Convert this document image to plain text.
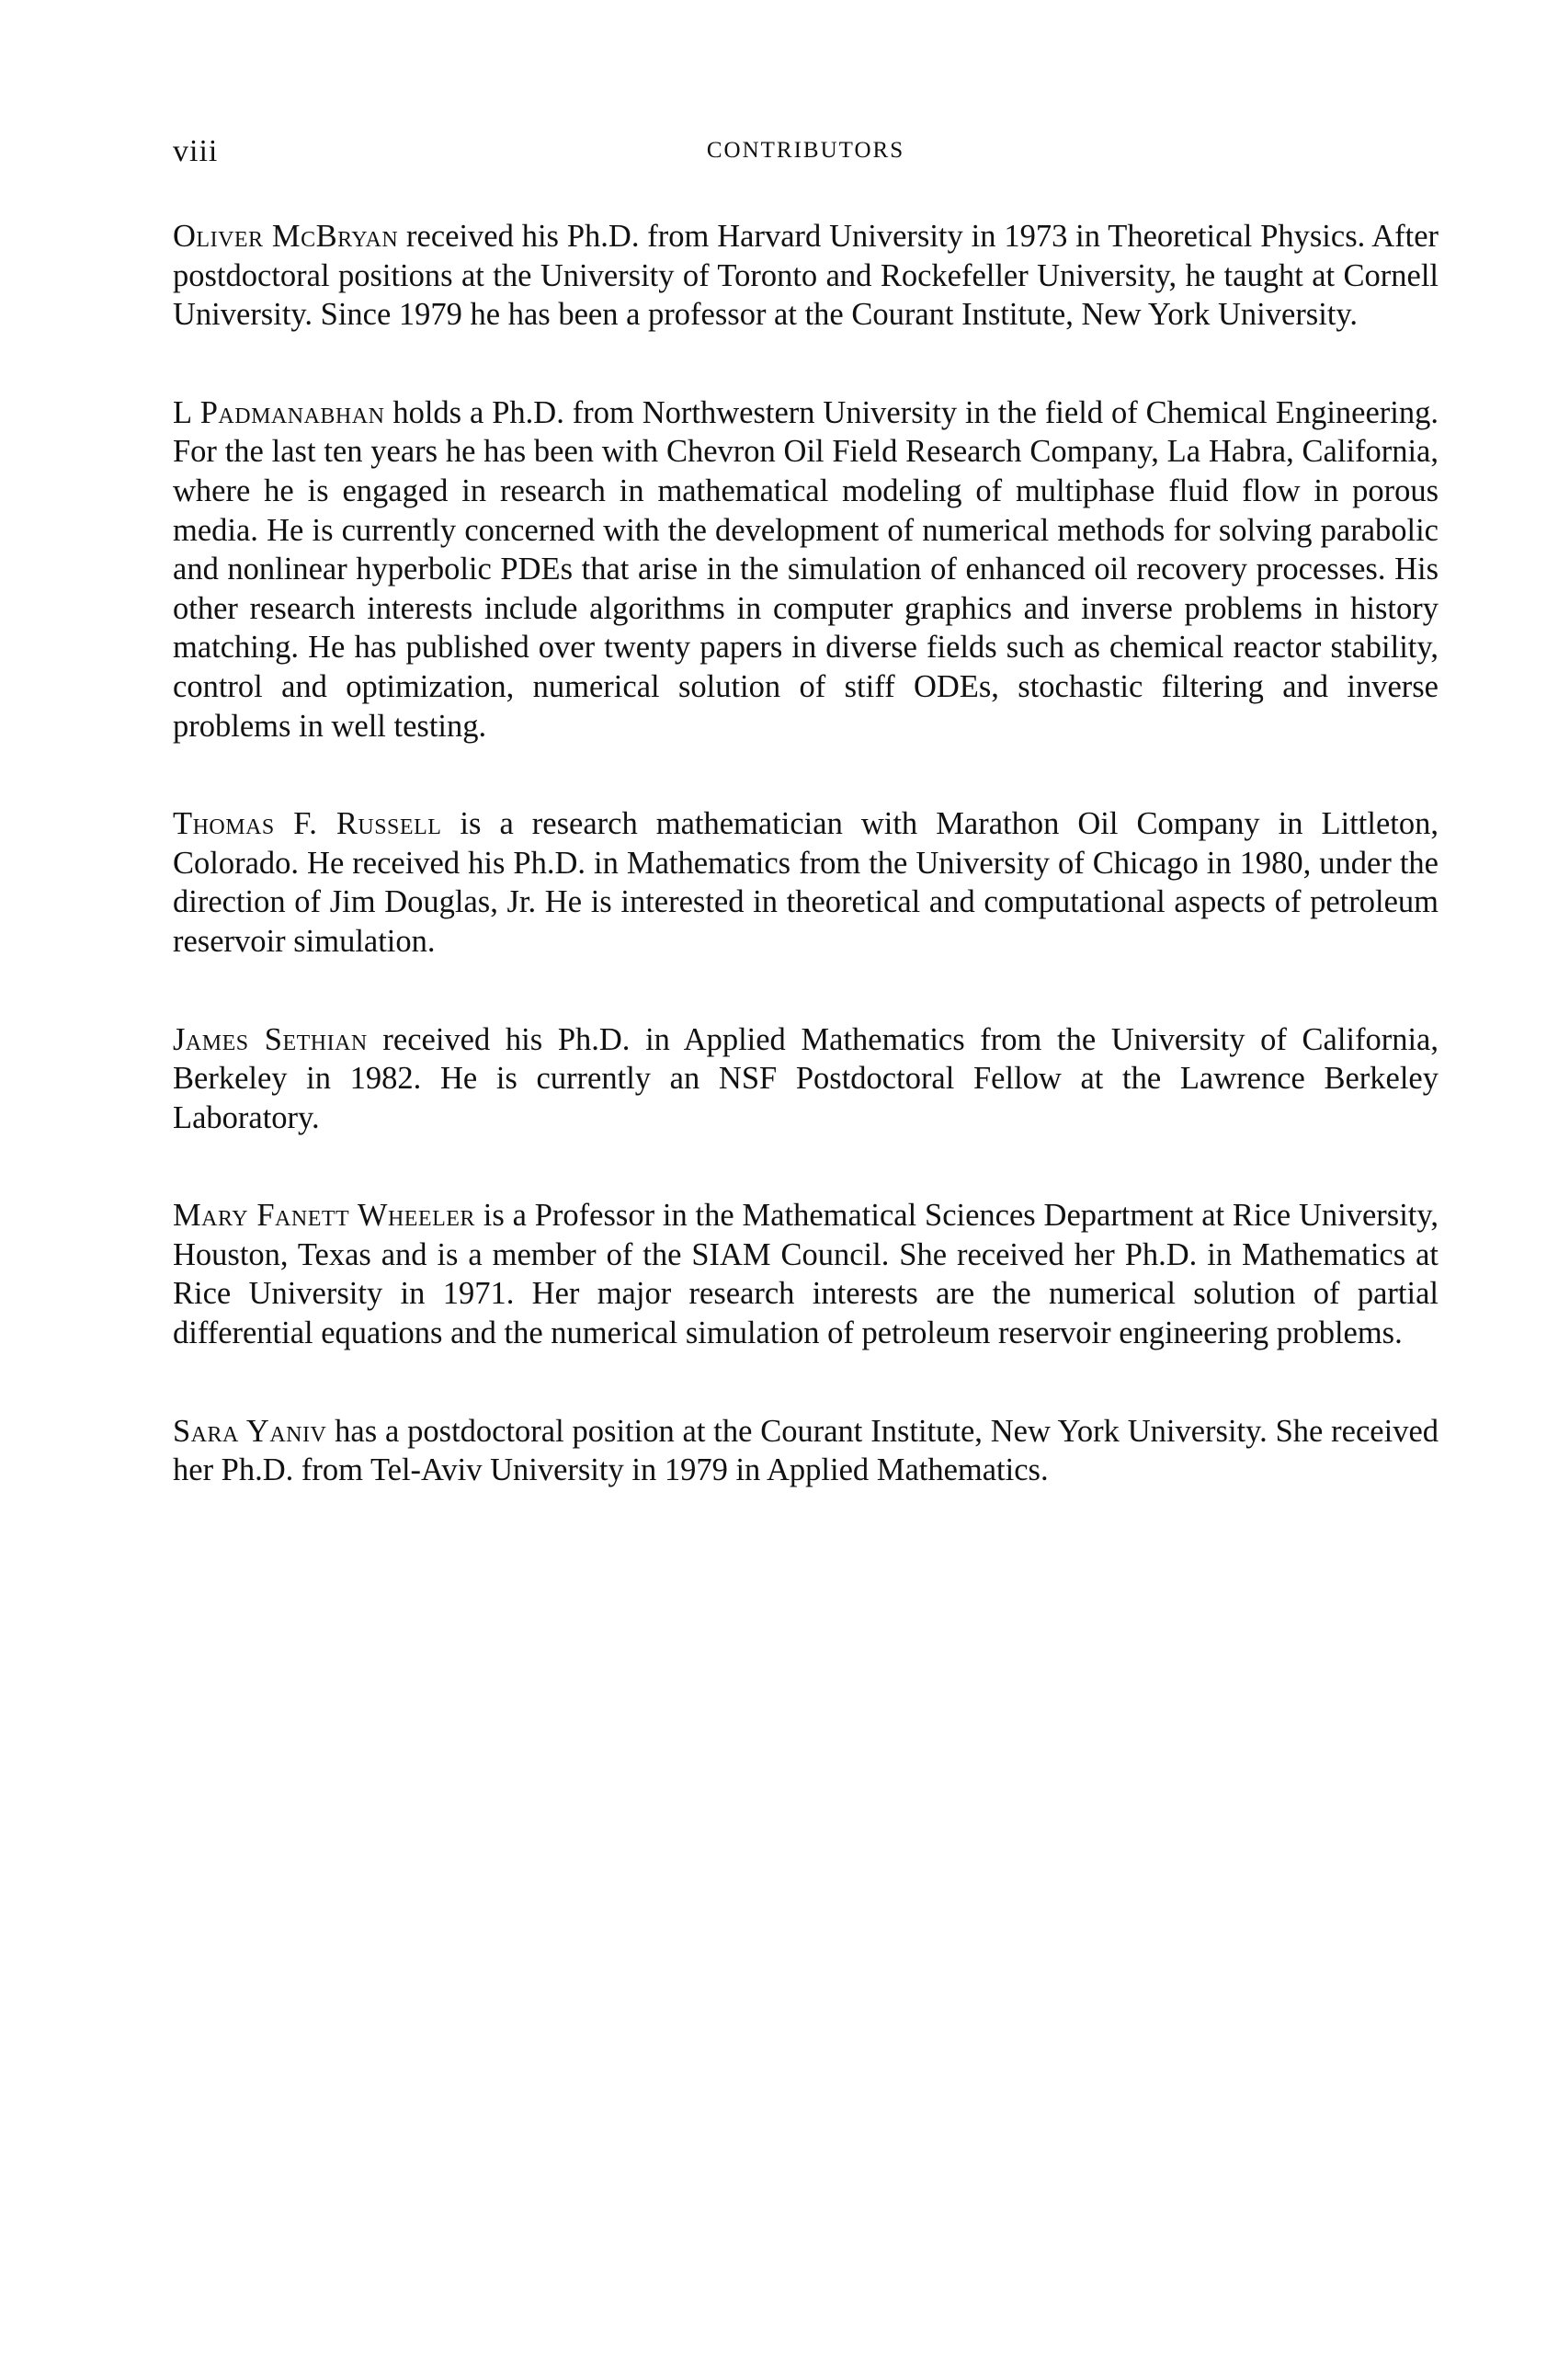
viii	CONTRIBUTORS

Oliver McBryan received his Ph.D. from Harvard University in 1973 in Theoretical Physics. After postdoctoral positions at the University of Toronto and Rockefeller University, he taught at Cornell University. Since 1979 he has been a professor at the Courant Institute, New York University.

L Padmanabhan holds a Ph.D. from Northwestern University in the field of Chemical Engineering. For the last ten years he has been with Chevron Oil Field Research Company, La Habra, California, where he is engaged in research in mathematical modeling of multiphase fluid flow in porous media. He is currently concerned with the development of numerical methods for solving parabolic and nonlinear hyperbolic PDEs that arise in the simulation of enhanced oil recovery processes. His other research interests include algorithms in computer graphics and inverse problems in history matching. He has published over twenty papers in diverse fields such as chemical reactor stability, control and optimization, numerical solution of stiff ODEs, stochastic filtering and inverse problems in well testing.

Thomas F. Russell is a research mathematician with Marathon Oil Company in Littleton, Colorado. He received his Ph.D. in Mathematics from the University of Chicago in 1980, under the direction of Jim Douglas, Jr. He is interested in theoretical and computational aspects of petroleum reservoir simulation.

James Sethian received his Ph.D. in Applied Mathematics from the University of California, Berkeley in 1982. He is currently an NSF Postdoctoral Fellow at the Lawrence Berkeley Laboratory.

Mary Fanett Wheeler is a Professor in the Mathematical Sciences Department at Rice University, Houston, Texas and is a member of the SIAM Council. She received her Ph.D. in Mathematics at Rice University in 1971. Her major research interests are the numerical solution of partial differential equations and the numerical simulation of petroleum reservoir engineering problems.

Sara Yaniv has a postdoctoral position at the Courant Institute, New York University. She received her Ph.D. from Tel-Aviv University in 1979 in Applied Mathematics.
